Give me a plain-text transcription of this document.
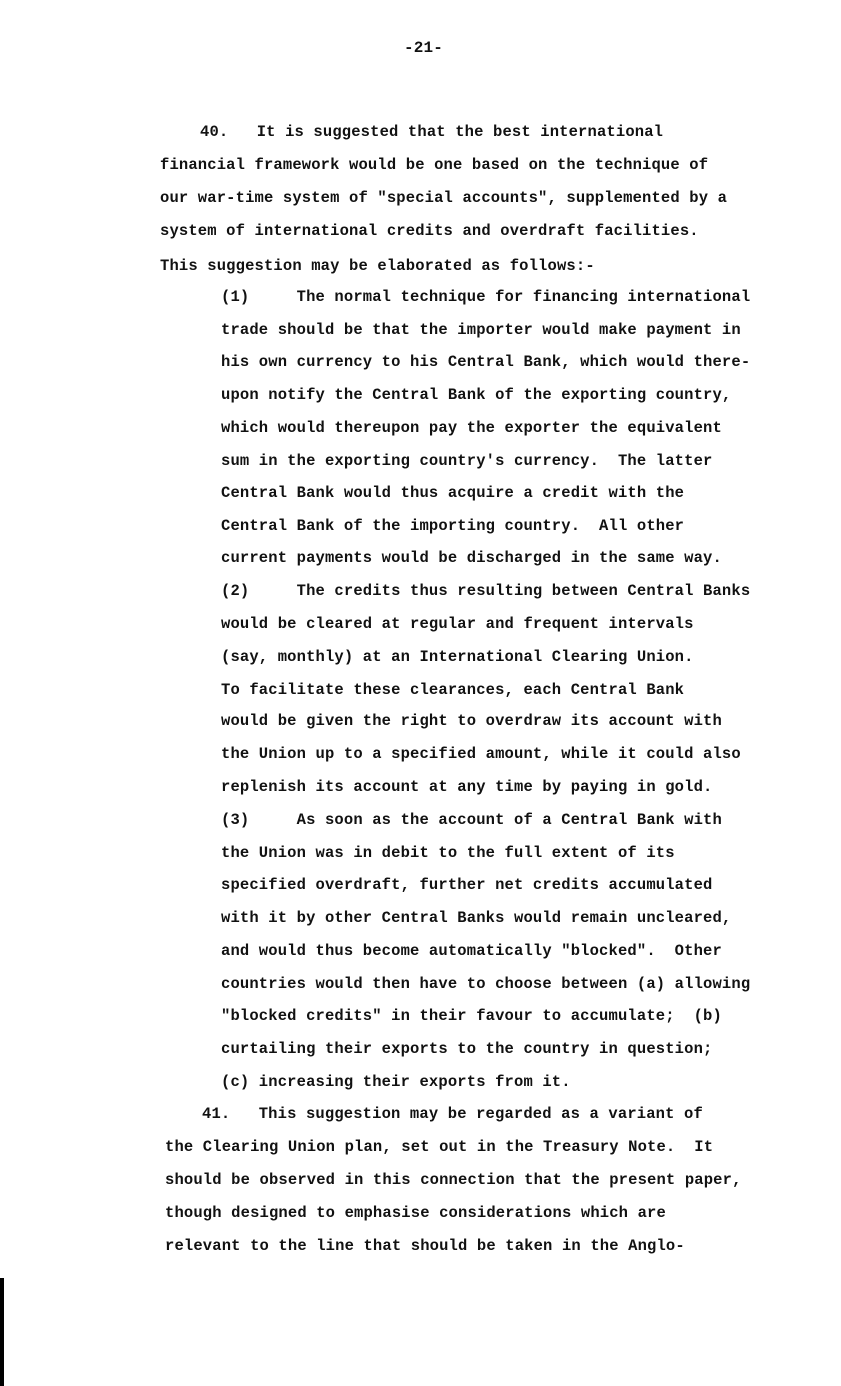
-21-
40.   It is suggested that the best international
financial framework would be one based on the technique of
our war-time system of "special accounts", supplemented by a
system of international credits and overdraft facilities.
This suggestion may be elaborated as follows:-
(1)     The normal technique for financing international
trade should be that the importer would make payment in
his own currency to his Central Bank, which would there-
upon notify the Central Bank of the exporting country,
which would thereupon pay the exporter the equivalent
sum in the exporting country's currency.  The latter
Central Bank would thus acquire a credit with the
Central Bank of the importing country.  All other
current payments would be discharged in the same way.
(2)     The credits thus resulting between Central Banks
would be cleared at regular and frequent intervals
(say, monthly) at an International Clearing Union.
To facilitate these clearances, each Central Bank
would be given the right to overdraw its account with
the Union up to a specified amount, while it could also
replenish its account at any time by paying in gold.
(3)     As soon as the account of a Central Bank with
the Union was in debit to the full extent of its
specified overdraft, further net credits accumulated
with it by other Central Banks would remain uncleared,
and would thus become automatically "blocked".  Other
countries would then have to choose between (a) allowing
"blocked credits" in their favour to accumulate;  (b)
curtailing their exports to the country in question;
(c) increasing their exports from it.
41.   This suggestion may be regarded as a variant of
the Clearing Union plan, set out in the Treasury Note.  It
should be observed in this connection that the present paper,
though designed to emphasise considerations which are
relevant to the line that should be taken in the Anglo-
